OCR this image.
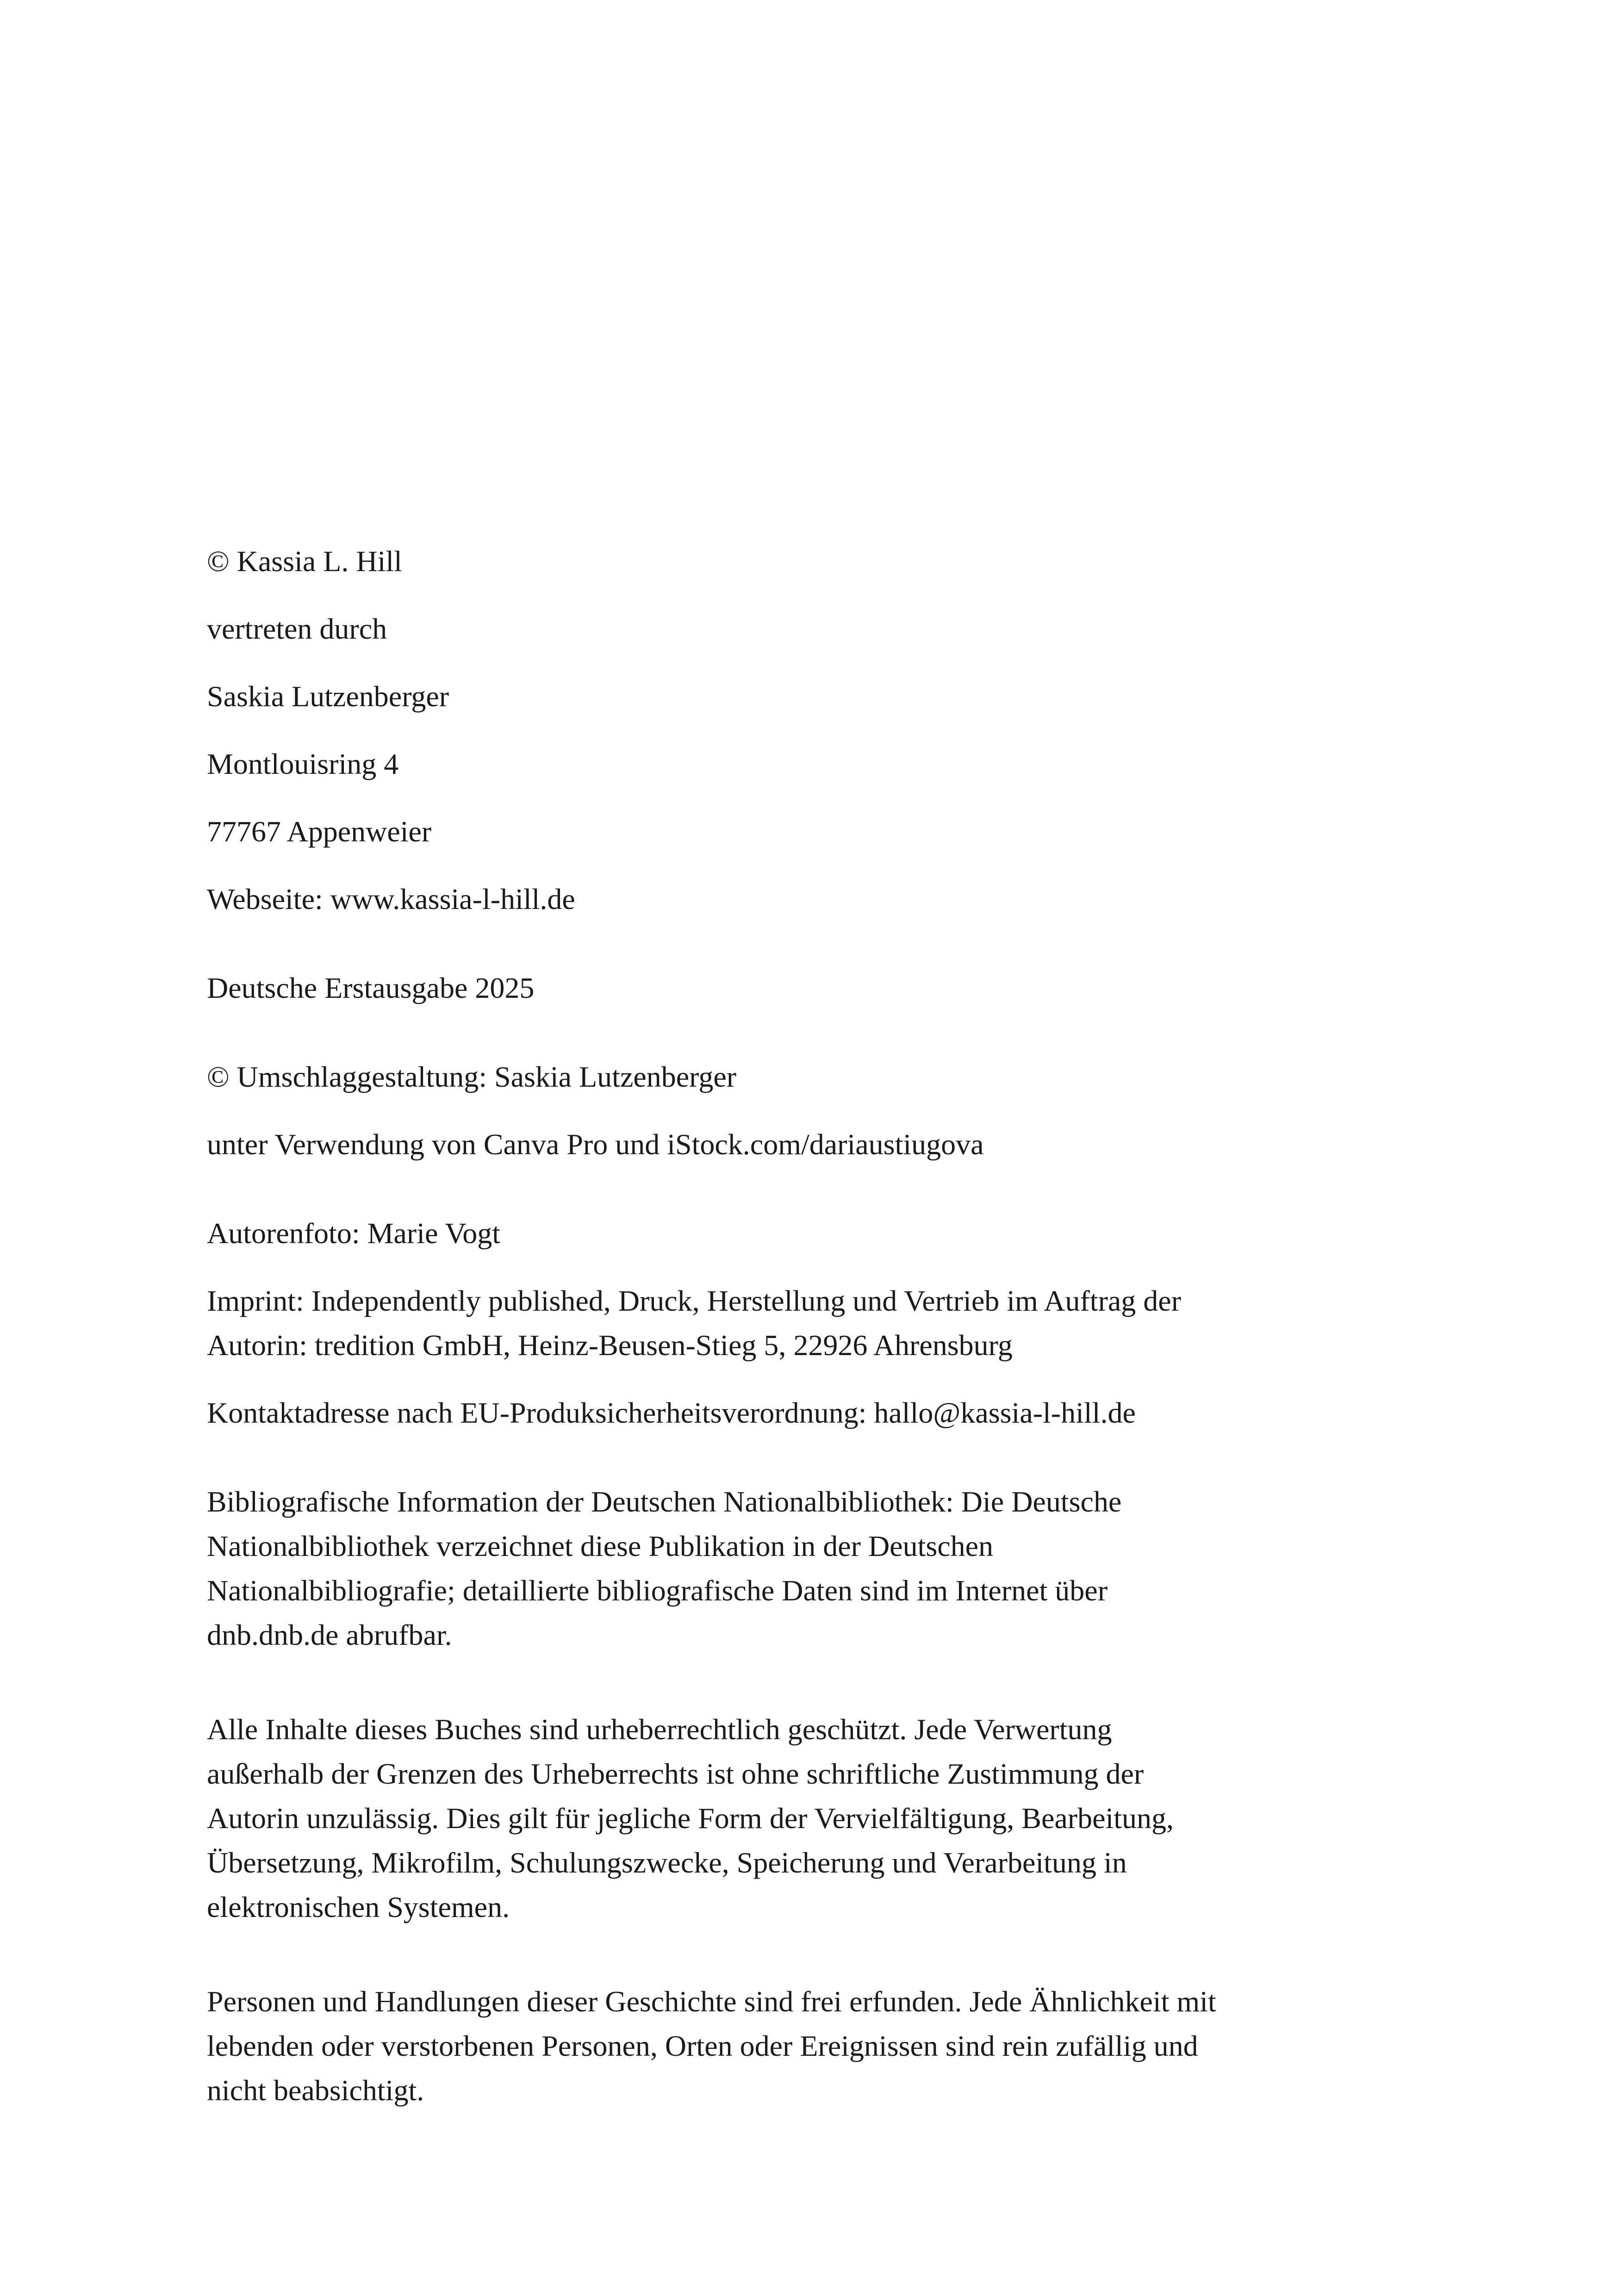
© Kassia L. Hill

vertreten durch

Saskia Lutzenberger

Montlouisring 4

77767 Appenweier

Webseite: www.kassia-l-hill.de

Deutsche Erstausgabe 2025

© Umschlaggestaltung: Saskia Lutzenberger

unter Verwendung von Canva Pro und iStock.com/dariaustiugova

Autorenfoto: Marie Vogt

Imprint: Independently published, Druck, Herstellung und Vertrieb im Auftrag der

Autorin: tredition GmbH, Heinz-Beusen-Stieg 5, 22926 Ahrensburg

Kontaktadresse nach EU-Produksicherheitsverordnung: hallo@kassia-l-hill.de

Bibliografische Information der Deutschen Nationalbibliothek: Die Deutsche

Nationalbibliothek verzeichnet diese Publikation in der Deutschen

Nationalbibliografie; detaillierte bibliografische Daten sind im Internet über

dnb.dnb.de abrufbar.

Alle Inhalte dieses Buches sind urheberrechtlich geschützt. Jede Verwertung

außerhalb der Grenzen des Urheberrechts ist ohne schriftliche Zustimmung der

Autorin unzulässig. Dies gilt für jegliche Form der Vervielfältigung, Bearbeitung,

Übersetzung, Mikrofilm, Schulungszwecke, Speicherung und Verarbeitung in

elektronischen Systemen.

Personen und Handlungen dieser Geschichte sind frei erfunden. Jede Ähnlichkeit mit

lebenden oder verstorbenen Personen, Orten oder Ereignissen sind rein zufällig und

nicht beabsichtigt.
